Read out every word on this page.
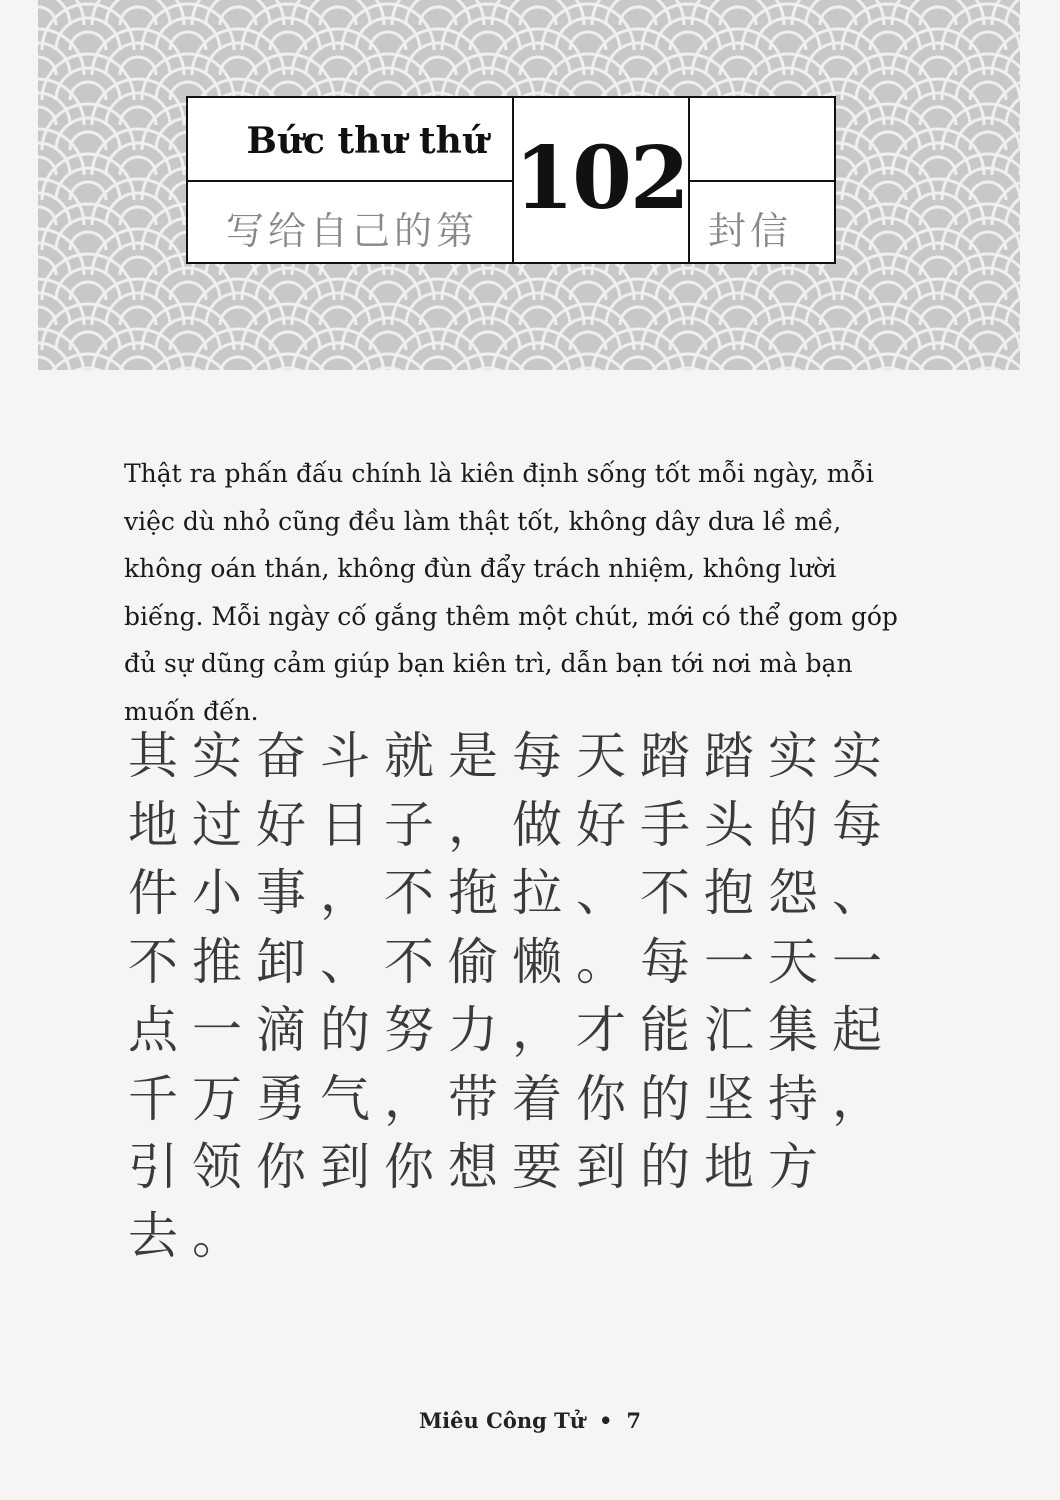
Bức thư thứ
写给自己的第
102
封信

Thật ra phấn đấu chính là kiên định sống tốt mỗi ngày, mỗi việc dù nhỏ cũng đều làm thật tốt, không dây dưa lề mề, không oán thán, không đùn đẩy trách nhiệm, không lười biếng. Mỗi ngày cố gắng thêm một chút, mới có thể gom góp đủ sự dũng cảm giúp bạn kiên trì, dẫn bạn tới nơi mà bạn muốn đến.

其实奋斗就是每天踏踏实实地过好日子，做好手头的每件小事，不拖拉、不抱怨、不推卸、不偷懒。每一天一点一滴的努力，才能汇集起千万勇气，带着你的坚持，引领你到你想要到的地方去。

Miêu Công Tử • 7
